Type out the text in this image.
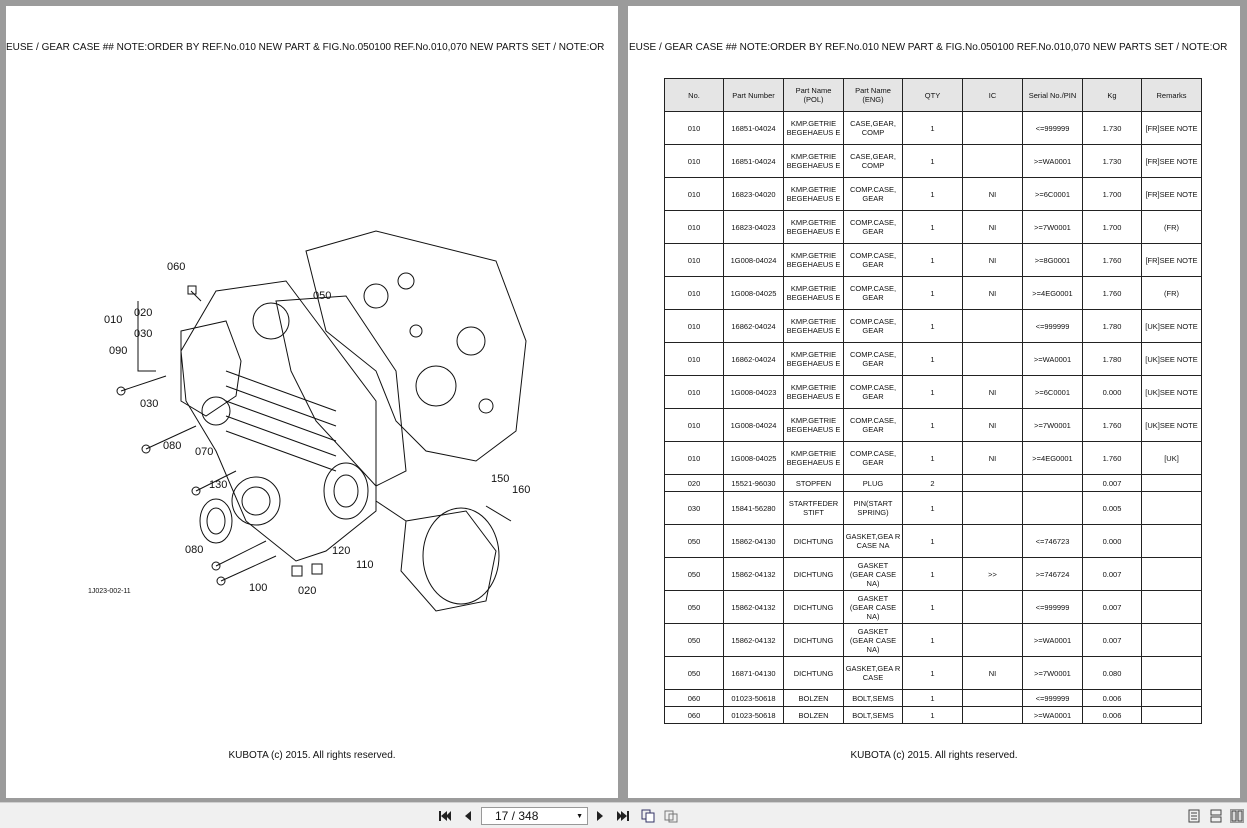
EUSE / GEAR CASE ## NOTE:ORDER BY REF.No.010 NEW PART & FIG.No.050100 REF.No.010,070 NEW PARTS SET / NOTE:OR
060
050
010
020
030
090
030
080 070
130	150
160
080	120
110
100	020
1J023-002-11
KUBOTA (c) 2015. All rights reserved.
EUSE / GEAR CASE ## NOTE:ORDER BY REF.No.010 NEW PART & FIG.No.050100 REF.No.010,070 NEW PARTS SET / NOTE:OR
No.	Part Number	Part Name (POL)	Part Name (ENG)	QTY	IC	Serial No./PIN	Kg	Remarks
010	16851-04024	KMP.GETRIE BEGEHAEUS E	CASE,GEAR, COMP	1		<=999999	1.730	[FR]SEE NOTE
010	16851-04024	KMP.GETRIE BEGEHAEUS E	CASE,GEAR, COMP	1		>=WA0001	1.730	[FR]SEE NOTE
010	16823-04020	KMP.GETRIE BEGEHAEUS E	COMP.CASE, GEAR	1	NI	>=6C0001	1.700	[FR]SEE NOTE
010	16823-04023	KMP.GETRIE BEGEHAEUS E	COMP.CASE, GEAR	1	NI	>=7W0001	1.700	(FR)
010	1G008-04024	KMP.GETRIE BEGEHAEUS E	COMP.CASE, GEAR	1	NI	>=8G0001	1.760	[FR]SEE NOTE
010	1G008-04025	KMP.GETRIE BEGEHAEUS E	COMP.CASE, GEAR	1	NI	>=4EG0001	1.760	(FR)
010	16862-04024	KMP.GETRIE BEGEHAEUS E	COMP.CASE, GEAR	1		<=999999	1.780	[UK]SEE NOTE
010	16862-04024	KMP.GETRIE BEGEHAEUS E	COMP.CASE, GEAR	1		>=WA0001	1.780	[UK]SEE NOTE
010	1G008-04023	KMP.GETRIE BEGEHAEUS E	COMP.CASE, GEAR	1	NI	>=6C0001	0.000	[UK]SEE NOTE
010	1G008-04024	KMP.GETRIE BEGEHAEUS E	COMP.CASE, GEAR	1	NI	>=7W0001	1.760	[UK]SEE NOTE
010	1G008-04025	KMP.GETRIE BEGEHAEUS E	COMP.CASE, GEAR	1	NI	>=4EG0001	1.760	[UK]
020	15521-96030	STOPFEN	PLUG	2			0.007	
030	15841-56280	STARTFEDER STIFT	PIN(START SPRING)	1			0.005	
050	15862-04130	DICHTUNG	GASKET,GEA R CASE NA	1		<=746723	0.000	
050	15862-04132	DICHTUNG	GASKET (GEAR CASE NA)	1	>>	>=746724	0.007	
050	15862-04132	DICHTUNG	GASKET (GEAR CASE NA)	1		<=999999	0.007	
050	15862-04132	DICHTUNG	GASKET (GEAR CASE NA)	1		>=WA0001	0.007	
050	16871-04130	DICHTUNG	GASKET,GEA R CASE	1	NI	>=7W0001	0.080	
060	01023-50618	BOLZEN	BOLT,SEMS	1		<=999999	0.006	
060	01023-50618	BOLZEN	BOLT,SEMS	1		>=WA0001	0.006	
KUBOTA (c) 2015. All rights reserved.
17 / 348	▼
